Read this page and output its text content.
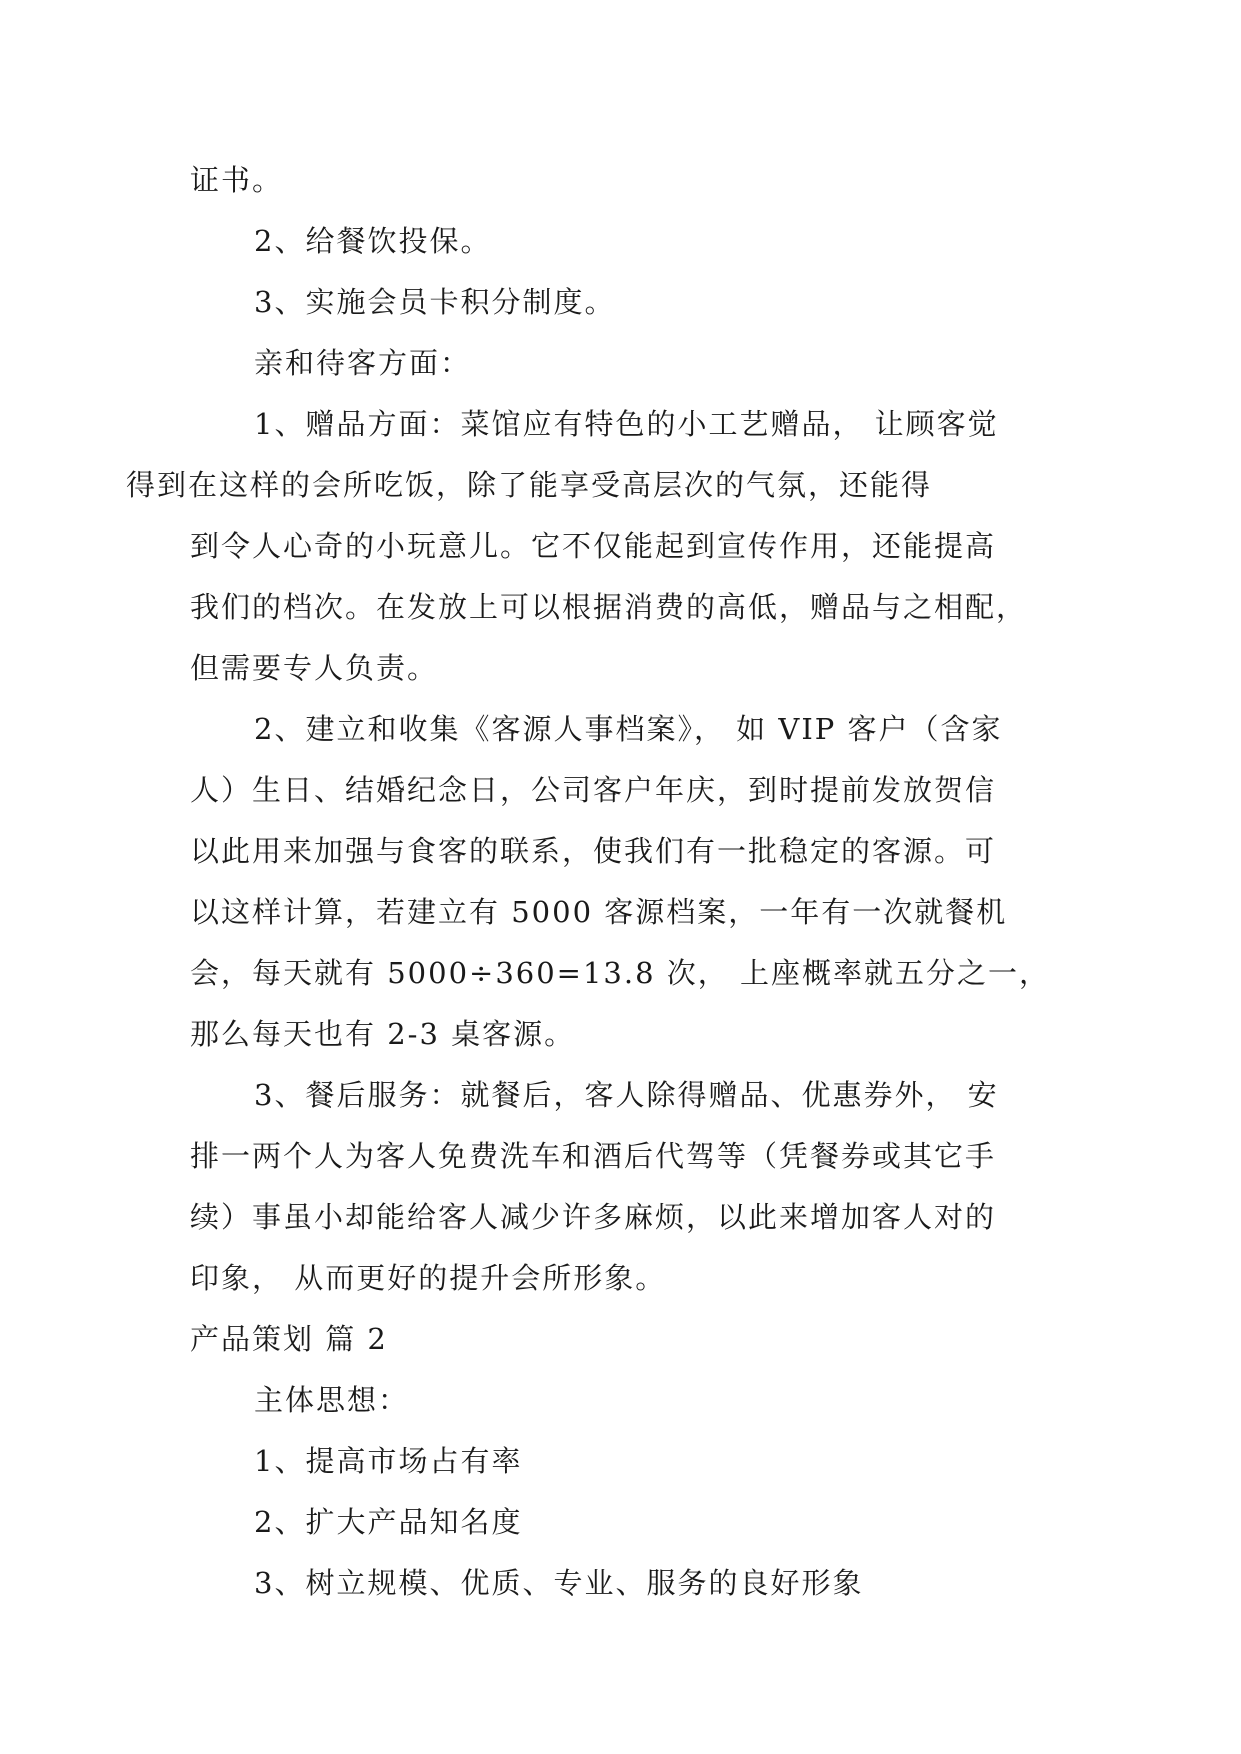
证书。

2、给餐饮投保。

3、实施会员卡积分制度。

亲和待客方面：

1、赠品方面：菜馆应有特色的小工艺赠品， 让顾客觉
得到在这样的会所吃饭，除了能享受高层次的气氛，还能得
到令人心奇的小玩意儿。它不仅能起到宣传作用，还能提高
我们的档次。在发放上可以根据消费的高低，赠品与之相配，
但需要专人负责。

2、建立和收集《客源人事档案》， 如 VIP 客户（含家
人）生日、结婚纪念日，公司客户年庆，到时提前发放贺信
以此用来加强与食客的联系，使我们有一批稳定的客源。可
以这样计算，若建立有 5000 客源档案，一年有一次就餐机
会，每天就有 5000÷360=13.8 次， 上座概率就五分之一，
那么每天也有 2-3 桌客源。

3、餐后服务：就餐后，客人除得赠品、优惠券外， 安
排一两个人为客人免费洗车和酒后代驾等（凭餐券或其它手
续）事虽小却能给客人减少许多麻烦，以此来增加客人对的
印象， 从而更好的提升会所形象。

产品策划 篇 2

主体思想：

1、提高市场占有率

2、扩大产品知名度

3、树立规模、优质、专业、服务的良好形象
